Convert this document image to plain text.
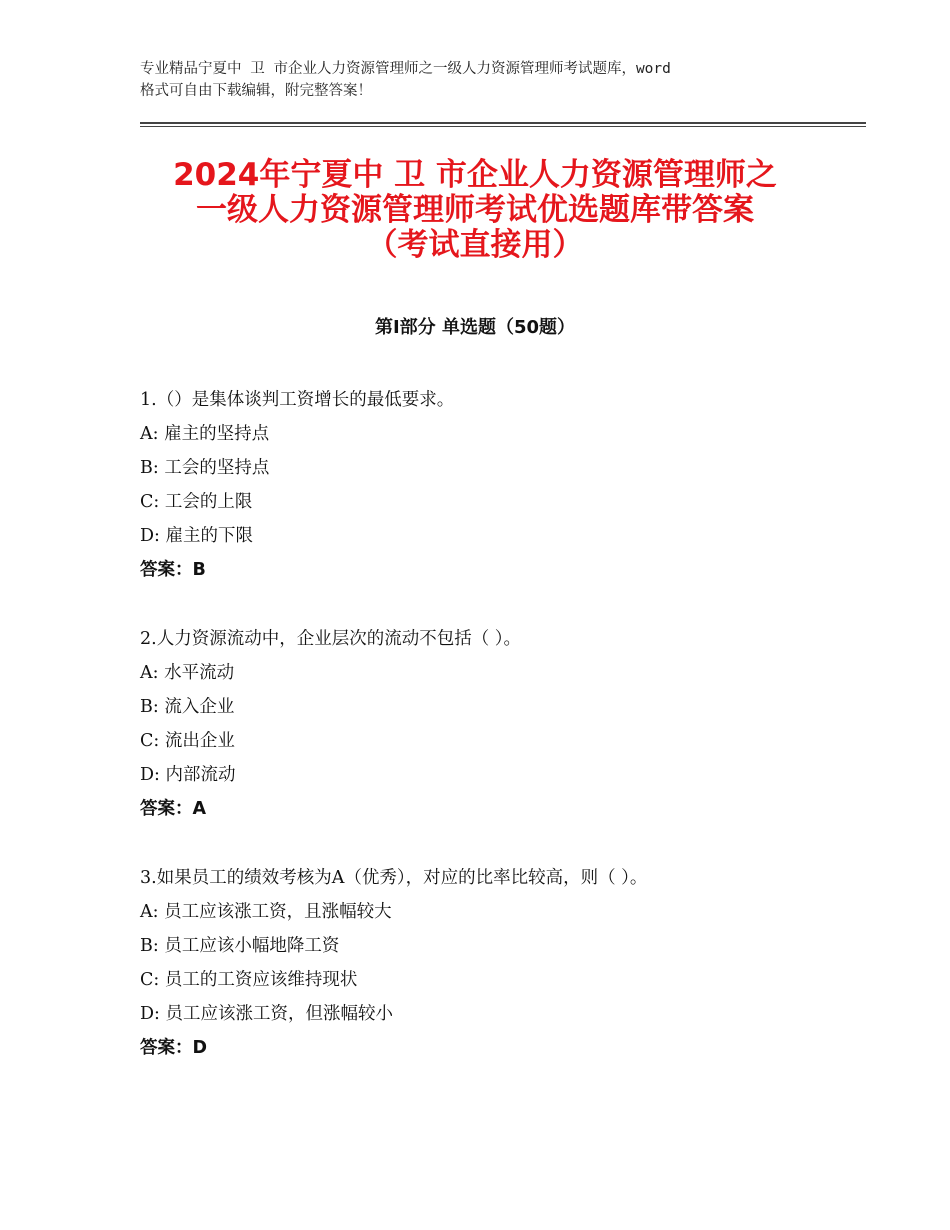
专业精品宁夏中 卫 市企业人力资源管理师之一级人力资源管理师考试题库，word
格式可自由下载编辑，附完整答案！
2024年宁夏中 卫 市企业人力资源管理师之
一级人力资源管理师考试优选题库带答案
（考试直接用）
第Ⅰ部分 单选题（50题）
1.（）是集体谈判工资增长的最低要求。
A: 雇主的坚持点
B: 工会的坚持点
C: 工会的上限
D: 雇主的下限
答案：B
2.人力资源流动中，企业层次的流动不包括（ ）。
A: 水平流动
B: 流入企业
C: 流出企业
D: 内部流动
答案：A
3.如果员工的绩效考核为A（优秀），对应的比率比较高，则（ ）。
A: 员工应该涨工资，且涨幅较大
B: 员工应该小幅地降工资
C: 员工的工资应该维持现状
D: 员工应该涨工资，但涨幅较小
答案：D
